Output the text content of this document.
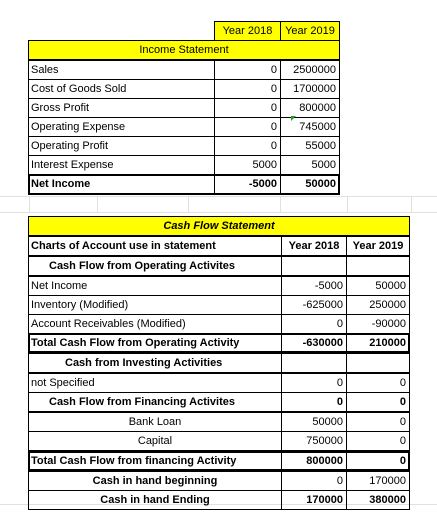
Year 2018	Year 2019
Income Statement
Sales	0	2500000
Cost of Goods Sold	0	1700000
Gross Profit	0	800000
Operating Expense	0	745000
Operating Profit	0	55000
Interest Expense	5000	5000
Net Income	-5000	50000
Cash Flow Statement
Charts of Account use in statement	Year 2018	Year 2019
Cash Flow from Operating Activites
Net Income	-5000	50000
Inventory (Modified)	-625000	250000
Account Receivables (Modified)	0	-90000
Total Cash Flow from Operating Activity	-630000	210000
Cash from Investing Activities
not Specified	0	0
Cash Flow from Financing Activites	0	0
Bank Loan	50000	0
Capital	750000	0
Total Cash Flow from financing Activity	800000	0
Cash in hand beginning	0	170000
Cash in hand Ending	170000	380000
